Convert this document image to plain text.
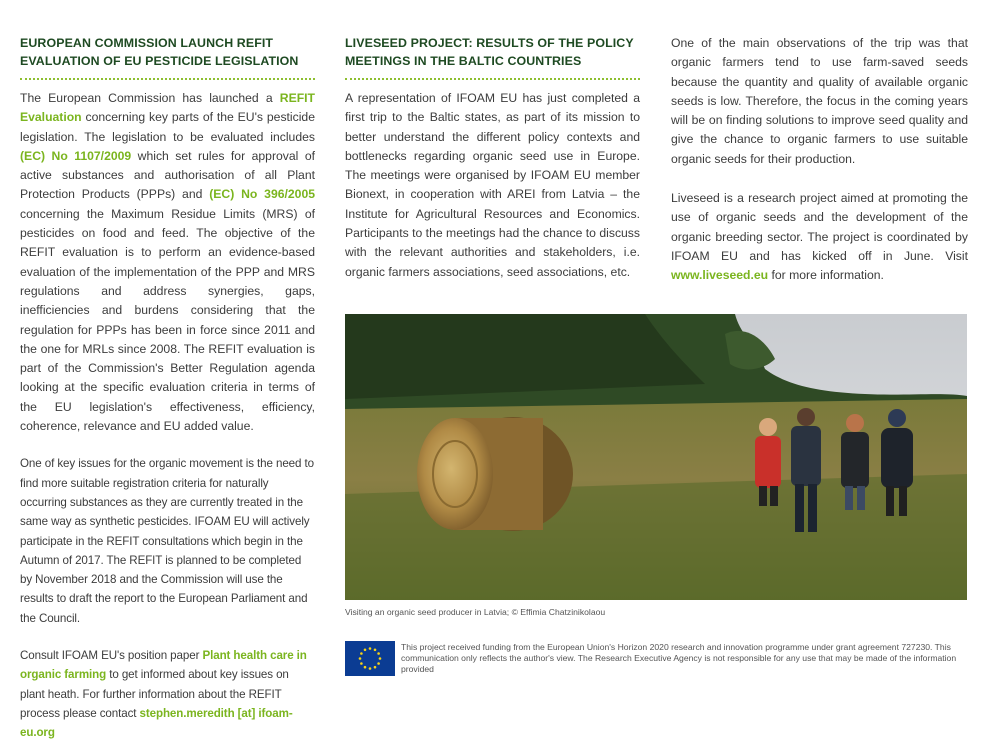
EUROPEAN COMMISSION LAUNCH REFIT
EVALUATION OF EU PESTICIDE LEGISLATION

The European Commission has launched a REFIT Evaluation concerning key parts of the EU's pesticide legislation. The legislation to be evaluated includes (EC) No 1107/2009 which set rules for approval of active substances and authorisation of all Plant Protection Products (PPPs) and (EC) No 396/2005 concerning the Maximum Residue Limits (MRS) of pesticides on food and feed. The objective of the REFIT evaluation is to perform an evidence-based evaluation of the implementation of the PPP and MRS regulations and address synergies, gaps, inefficiencies and burdens considering that the regulation for PPPs has been in force since 2011 and the one for MRLs since 2008. The REFIT evaluation is part of the Commission's Better Regulation agenda looking at the specific evaluation criteria in terms of the EU legislation's effectiveness, efficiency, coherence, relevance and EU added value.

One of key issues for the organic movement is the need to find more suitable registration criteria for naturally occurring substances as they are currently treated in the same way as synthetic pesticides. IFOAM EU will actively participate in the REFIT consultations which begin in the Autumn of 2017. The REFIT is planned to be completed by November 2018 and the Commission will use the results to draft the report to the European Parliament and the Council.

Consult IFOAM EU's position paper Plant health care in organic farming to get informed about key issues on plant heath. For further information about the REFIT process please contact stephen.meredith [at] ifoam-eu.org

LIVESEED PROJECT: RESULTS OF THE POLICY
MEETINGS IN THE BALTIC COUNTRIES

A representation of IFOAM EU has just completed a first trip to the Baltic states, as part of its mission to better understand the different policy contexts and bottlenecks regarding organic seed use in Europe. The meetings were organised by IFOAM EU member Bionext, in cooperation with AREI from Latvia – the Institute for Agricultural Resources and Economics. Participants to the meetings had the chance to discuss with the relevant authorities and stakeholders, i.e. organic farmers associations, seed associations, etc.

One of the main observations of the trip was that organic farmers tend to use farm-saved seeds because the quantity and quality of available organic seeds is low. Therefore, the focus in the coming years will be on finding solutions to improve seed quality and give the chance to organic farmers to use suitable organic seeds for their production.

Liveseed is a research project aimed at promoting the use of organic seeds and the development of the organic breeding sector. The project is coordinated by IFOAM EU and has kicked off in June. Visit www.liveseed.eu for more information.

Visiting an organic seed producer in Latvia; © Effimia Chatzinikolaou
This project received funding from the European Union's Horizon 2020 research and innovation programme under grant agreement 727230. This communication only reflects the author's view. The Research Executive Agency is not responsible for any use that may be made of the information provided
